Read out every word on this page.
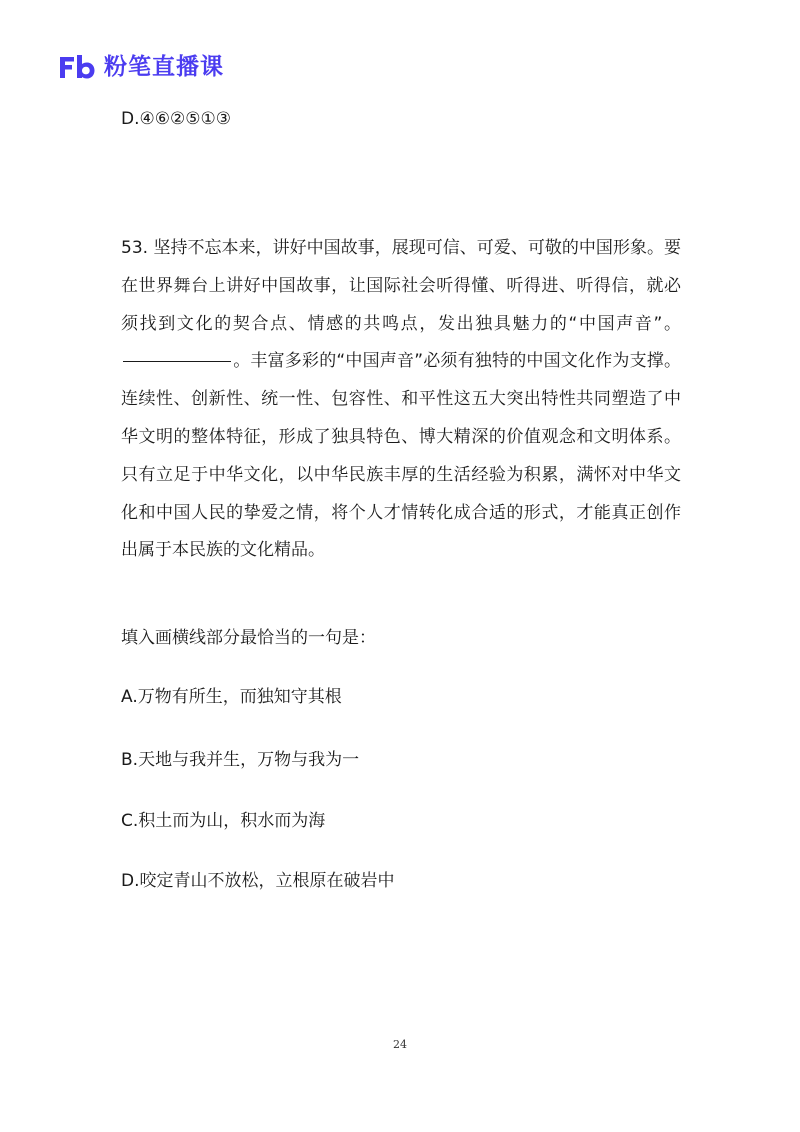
粉笔直播课
D.④⑥②⑤①③

53. 坚持不忘本来，讲好中国故事，展现可信、可爱、可敬的中国形象。要在世界舞台上讲好中国故事，让国际社会听得懂、听得进、听得信，就必须找到文化的契合点、情感的共鸣点，发出独具魅力的“中国声音”。。丰富多彩的“中国声音”必须有独特的中国文化作为支撑。连续性、创新性、统一性、包容性、和平性这五大突出特性共同塑造了中华文明的整体特征，形成了独具特色、博大精深的价值观念和文明体系。只有立足于中华文化，以中华民族丰厚的生活经验为积累，满怀对中华文化和中国人民的挚爱之情，将个人才情转化成合适的形式，才能真正创作出属于本民族的文化精品。

填入画横线部分最恰当的一句是：
A.万物有所生，而独知守其根
B.天地与我并生，万物与我为一
C.积土而为山，积水而为海
D.咬定青山不放松，立根原在破岩中
24
